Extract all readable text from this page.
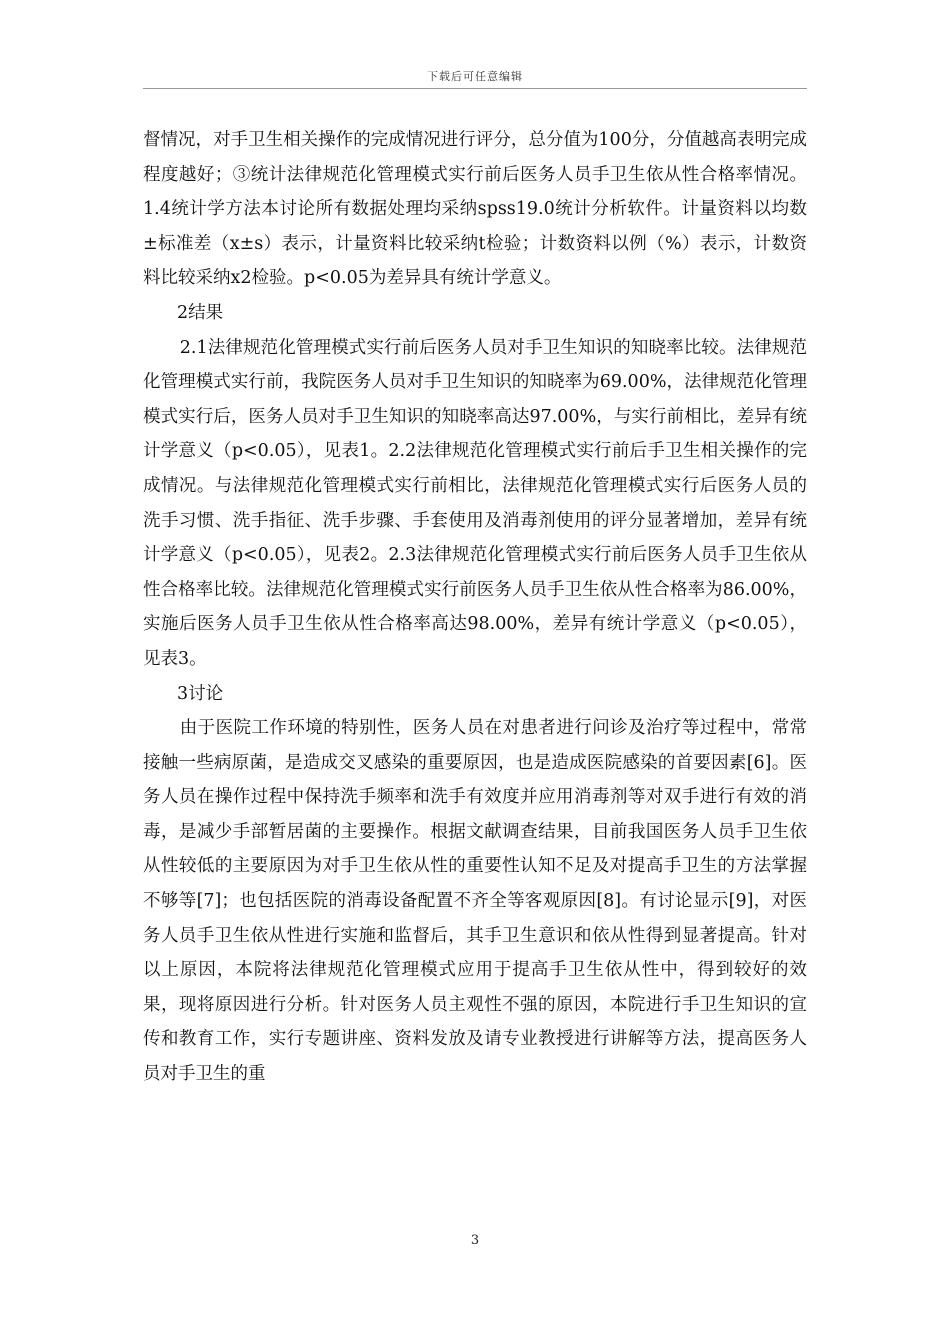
下载后可任意编辑

督情况，对手卫生相关操作的完成情况进行评分，总分值为100分，分值越高表明完成程度越好；③统计法律规范化管理模式实行前后医务人员手卫生依从性合格率情况。1.4统计学方法本讨论所有数据处理均采纳spss19.0统计分析软件。计量资料以均数±标准差（x±s）表示，计量资料比较采纳t检验；计数资料以例（%）表示，计数资料比较采纳x2检验。p<0.05为差异具有统计学意义。

2结果

2.1法律规范化管理模式实行前后医务人员对手卫生知识的知晓率比较。法律规范化管理模式实行前，我院医务人员对手卫生知识的知晓率为69.00%，法律规范化管理模式实行后，医务人员对手卫生知识的知晓率高达97.00%，与实行前相比，差异有统计学意义（p<0.05），见表1。2.2法律规范化管理模式实行前后手卫生相关操作的完成情况。与法律规范化管理模式实行前相比，法律规范化管理模式实行后医务人员的洗手习惯、洗手指征、洗手步骤、手套使用及消毒剂使用的评分显著增加，差异有统计学意义（p<0.05），见表2。2.3法律规范化管理模式实行前后医务人员手卫生依从性合格率比较。法律规范化管理模式实行前医务人员手卫生依从性合格率为86.00%，实施后医务人员手卫生依从性合格率高达98.00%，差异有统计学意义（p<0.05），见表3。

3讨论

由于医院工作环境的特别性，医务人员在对患者进行问诊及治疗等过程中，常常接触一些病原菌，是造成交叉感染的重要原因，也是造成医院感染的首要因素[6]。医务人员在操作过程中保持洗手频率和洗手有效度并应用消毒剂等对双手进行有效的消毒，是减少手部暂居菌的主要操作。根据文献调查结果，目前我国医务人员手卫生依从性较低的主要原因为对手卫生依从性的重要性认知不足及对提高手卫生的方法掌握不够等[7]；也包括医院的消毒设备配置不齐全等客观原因[8]。有讨论显示[9]，对医务人员手卫生依从性进行实施和监督后，其手卫生意识和依从性得到显著提高。针对以上原因，本院将法律规范化管理模式应用于提高手卫生依从性中，得到较好的效果，现将原因进行分析。针对医务人员主观性不强的原因，本院进行手卫生知识的宣传和教育工作，实行专题讲座、资料发放及请专业教授进行讲解等方法，提高医务人员对手卫生的重

3
